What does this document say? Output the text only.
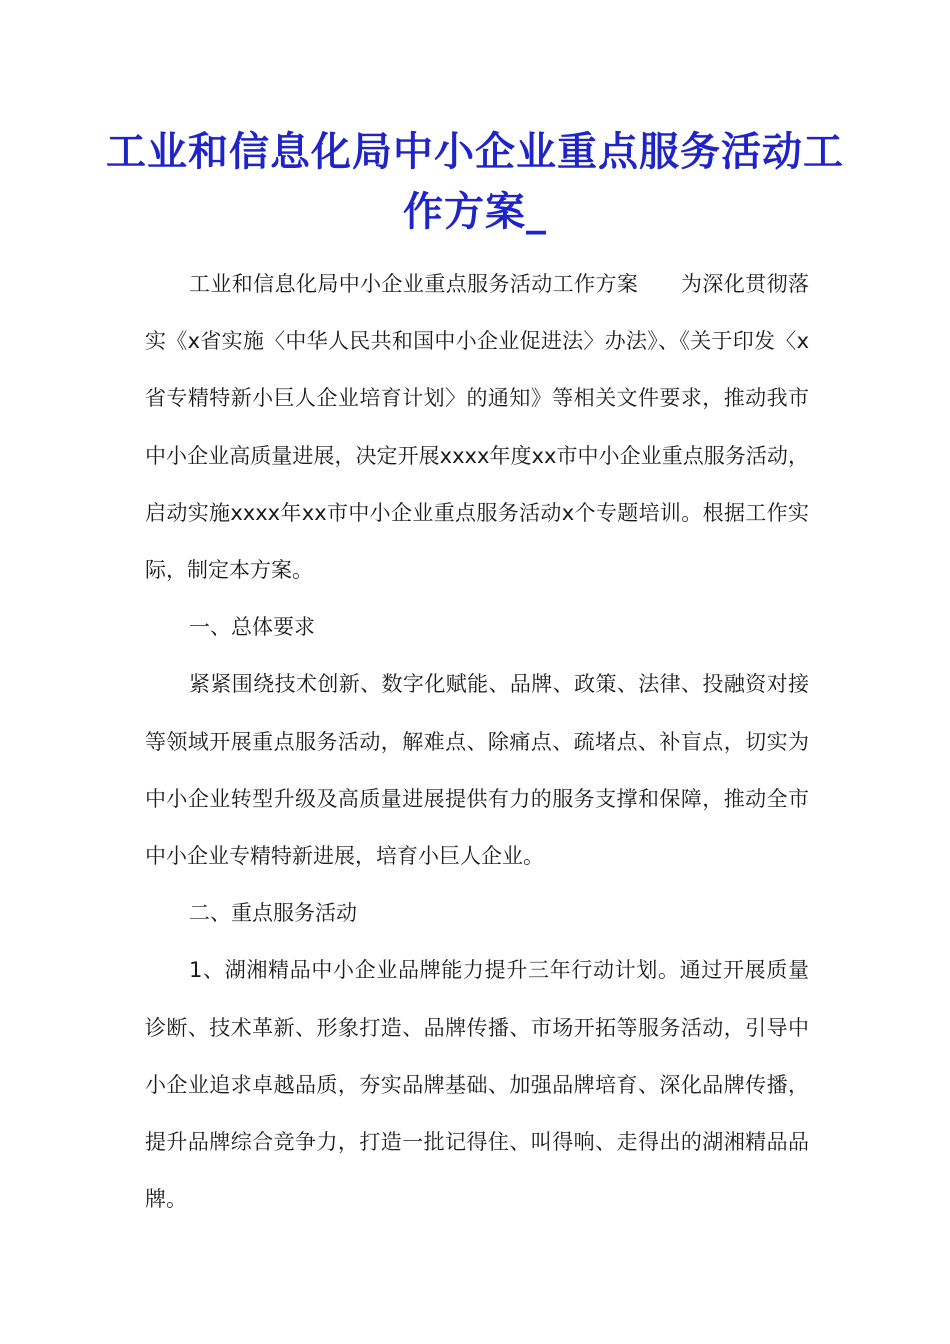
工业和信息化局中小企业重点服务活动工作方案_

工业和信息化局中小企业重点服务活动工作方案　　为深化贯彻落实《x省实施〈中华人民共和国中小企业促进法〉办法》、《关于印发〈x省专精特新小巨人企业培育计划〉的通知》等相关文件要求，推动我市中小企业高质量进展，决定开展xxxx年度xx市中小企业重点服务活动，启动实施xxxx年xx市中小企业重点服务活动x个专题培训。根据工作实际，制定本方案。

一、总体要求

紧紧围绕技术创新、数字化赋能、品牌、政策、法律、投融资对接等领域开展重点服务活动，解难点、除痛点、疏堵点、补盲点，切实为中小企业转型升级及高质量进展提供有力的服务支撑和保障，推动全市中小企业专精特新进展，培育小巨人企业。

二、重点服务活动

1、湖湘精品中小企业品牌能力提升三年行动计划。通过开展质量诊断、技术革新、形象打造、品牌传播、市场开拓等服务活动，引导中小企业追求卓越品质，夯实品牌基础、加强品牌培育、深化品牌传播，提升品牌综合竞争力，打造一批记得住、叫得响、走得出的湖湘精品品牌。
